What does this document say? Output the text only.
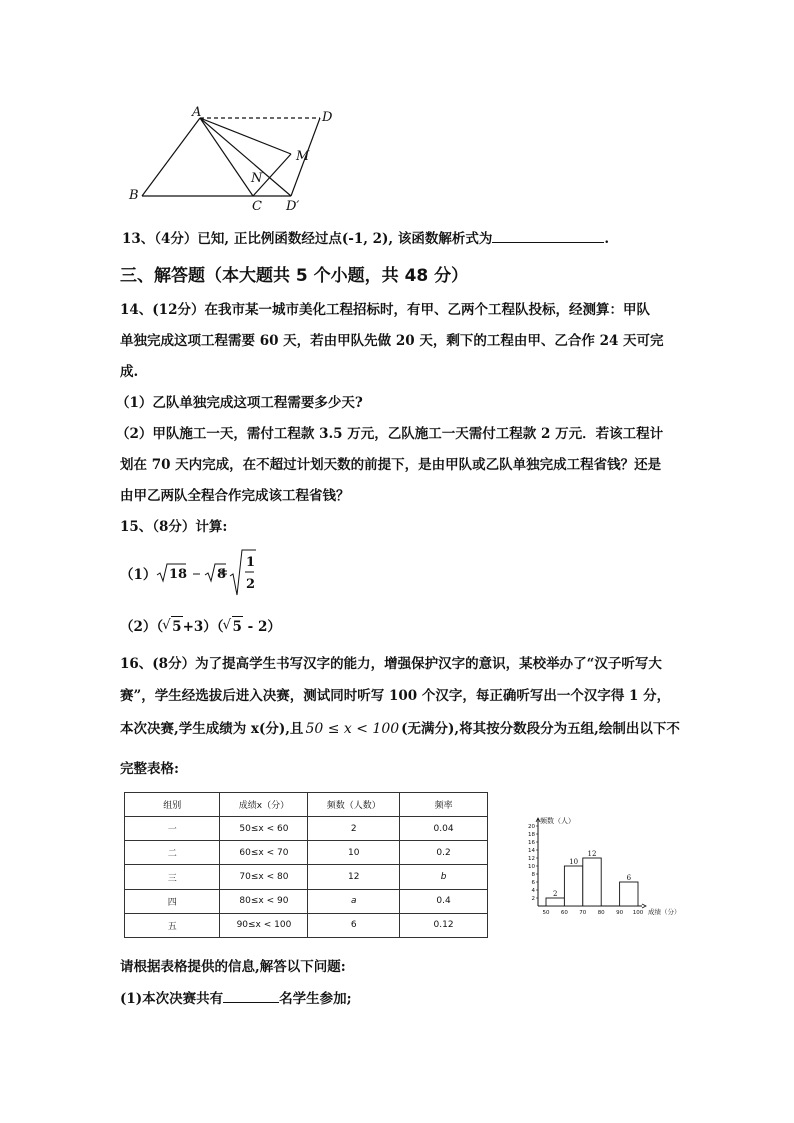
A	D
M
N
B
C D′
13、（4分）已知, 正比例函数经过点(-1, 2), 该函数解析式为	.
三、解答题（本大题共 5 个小题，共 48 分）
14、(12分）在我市某一城市美化工程招标时，有甲、乙两个工程队投标，经测算：甲队
单独完成这项工程需要 60 天，若由甲队先做 20 天，剩下的工程由甲、乙合作 24 天可完
成.
（1）乙队单独完成这项工程需要多少天?
（2）甲队施工一天，需付工程款 3.5 万元，乙队施工一天需付工程款 2 万元．若该工程计
划在 70 天内完成，在不超过计划天数的前提下，是由甲队或乙队单独完成工程省钱？还是
由甲乙两队全程合作完成该工程省钱？
15、（8分）计算:
（1） 18 8
1
2
（2）（ 5
√ +3）（ 5
√ - 2）
16、(8分）为了提高学生书写汉字的能力，增强保护汉字的意识，某校举办了“汉子听写大
赛”，学生经选拔后进入决赛，测试同时听写 100 个汉字，每正确听写出一个汉字得 1 分，
本次决赛,学生成绩为 x(分),且 50 ≤ x < 100 (无满分),将其按分数段分为五组,绘制出以下不
完整表格:
组别	成绩x（分）	频数（人数）	频率
一	50≤x < 60	2	0.04
二	60≤x < 70	10	0.2
三	70≤x < 80	12	b
四	80≤x < 90	a	0.4
五	90≤x < 100	6	0.12
2
4
6
8
10
12
14
16
18
20
50 60 70 80 90 100
2
10
12
6
频数（人）
成绩（分）
请根据表格提供的信息,解答以下问题:
(1)本次决赛共有	名学生参加;
